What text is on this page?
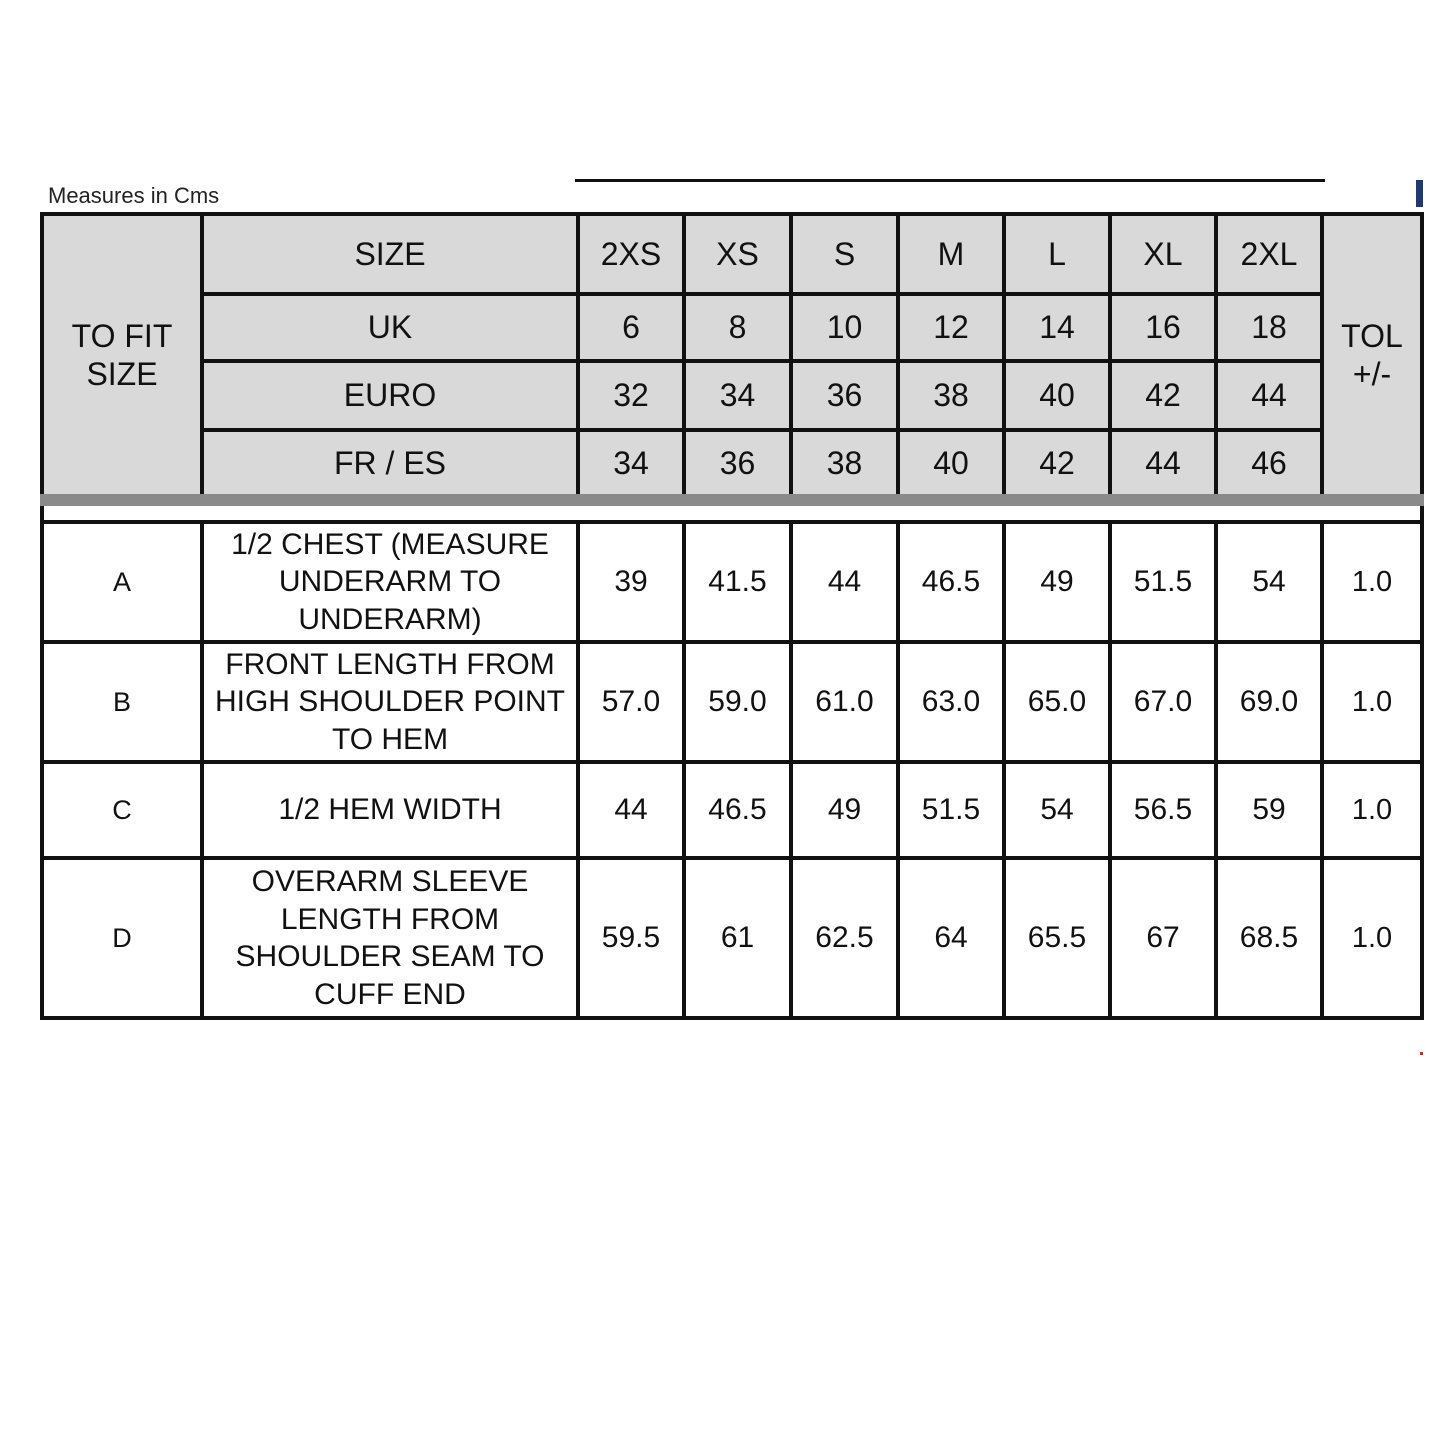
Measures in Cms
TO FIT SIZE	SIZE	2XS	XS	S	M	L	XL	2XL	TOL +/-
	UK	6	8	10	12	14	16	18	
	EURO	32	34	36	38	40	42	44	
	FR / ES	34	36	38	40	42	44	46	

A	1/2 CHEST (MEASURE UNDERARM TO UNDERARM)	39	41.5	44	46.5	49	51.5	54	1.0
B	FRONT LENGTH FROM HIGH SHOULDER POINT TO HEM	57.0	59.0	61.0	63.0	65.0	67.0	69.0	1.0
C	1/2 HEM WIDTH	44	46.5	49	51.5	54	56.5	59	1.0
D	OVERARM SLEEVE LENGTH FROM SHOULDER SEAM TO CUFF END	59.5	61	62.5	64	65.5	67	68.5	1.0
